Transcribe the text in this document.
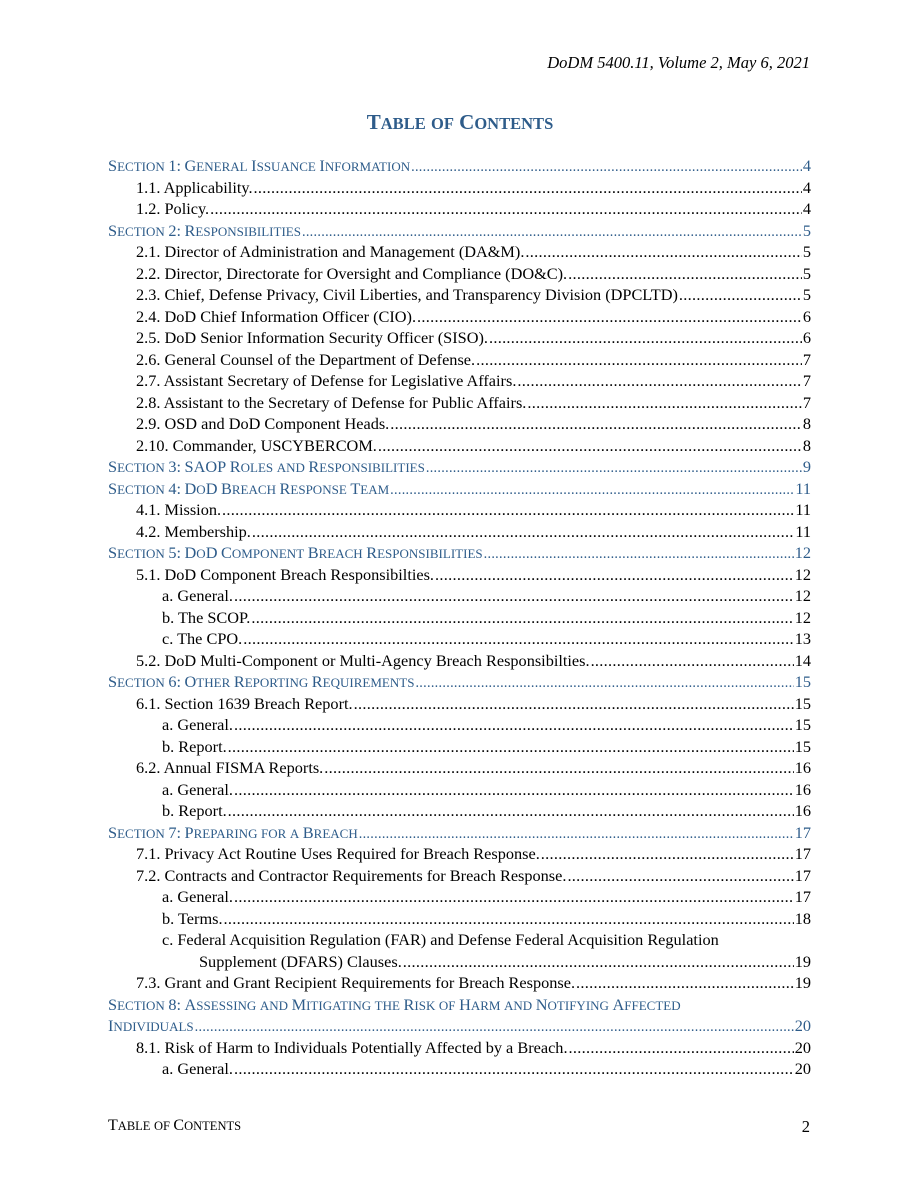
DoDM 5400.11, Volume 2, May 6, 2021
TABLE OF CONTENTS
SECTION 1: GENERAL ISSUANCE INFORMATION .....	4
1.1. Applicability. .....	4
1.2. Policy. .....	4
SECTION 2: RESPONSIBILITIES .....	5
2.1. Director of Administration and Management (DA&M). .....	5
2.2. Director, Directorate for Oversight and Compliance (DO&C). .....	5
2.3. Chief, Defense Privacy, Civil Liberties, and Transparency Division (DPCLTD) .....	5
2.4. DoD Chief Information Officer (CIO). .....	6
2.5. DoD Senior Information Security Officer (SISO). .....	6
2.6. General Counsel of the Department of Defense. .....	7
2.7. Assistant Secretary of Defense for Legislative Affairs. .....	7
2.8. Assistant to the Secretary of Defense for Public Affairs. .....	7
2.9. OSD and DoD Component Heads. .....	8
2.10. Commander, USCYBERCOM. .....	8
SECTION 3: SAOP ROLES AND RESPONSIBILITIES .....	9
SECTION 4: DOD BREACH RESPONSE TEAM .....	11
4.1. Mission. .....	11
4.2. Membership. .....	11
SECTION 5: DOD COMPONENT BREACH RESPONSIBILITIES .....	12
5.1. DoD Component Breach Responsibilties. .....	12
a. General. .....	12
b. The SCOP. .....	12
c. The CPO. .....	13
5.2. DoD Multi-Component or Multi-Agency Breach Responsibilties. .....	14
SECTION 6: OTHER REPORTING REQUIREMENTS .....	15
6.1. Section 1639 Breach Report. .....	15
a. General. .....	15
b. Report. .....	15
6.2. Annual FISMA Reports. .....	16
a. General. .....	16
b. Report. .....	16
SECTION 7: PREPARING FOR A BREACH .....	17
7.1. Privacy Act Routine Uses Required for Breach Response. .....	17
7.2. Contracts and Contractor Requirements for Breach Response. .....	17
a. General. .....	17
b. Terms. .....	18
c. Federal Acquisition Regulation (FAR) and Defense Federal Acquisition Regulation
Supplement (DFARS) Clauses. .....	19
7.3. Grant and Grant Recipient Requirements for Breach Response. .....	19
SECTION 8: ASSESSING AND MITIGATING THE RISK OF HARM AND NOTIFYING AFFECTED
INDIVIDUALS .....	20
8.1. Risk of Harm to Individuals Potentially Affected by a Breach. .....	20
a. General. .....	20
TABLE OF CONTENTS	2
